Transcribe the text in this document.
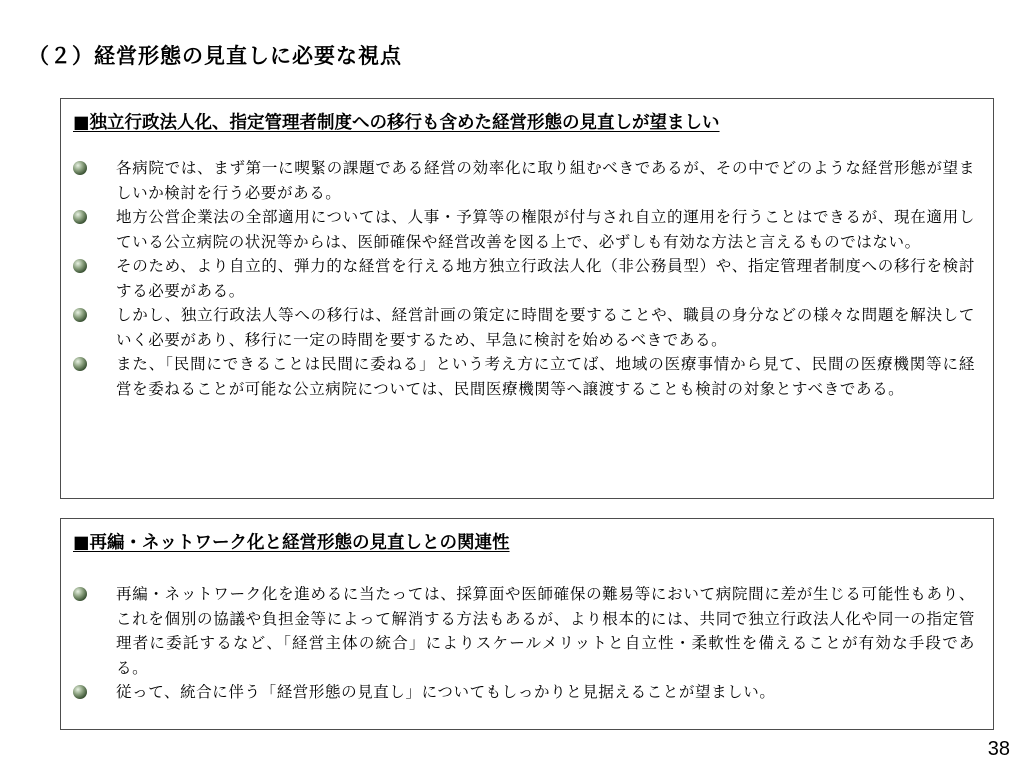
（２）経営形態の見直しに必要な視点
■独立行政法人化、指定管理者制度への移行も含めた経営形態の見直しが望ましい
各病院では、まず第一に喫緊の課題である経営の効率化に取り組むべきであるが、その中でどのような経営形態が望ましいか検討を行う必要がある。
地方公営企業法の全部適用については、人事・予算等の権限が付与され自立的運用を行うことはできるが、現在適用している公立病院の状況等からは、医師確保や経営改善を図る上で、必ずしも有効な方法と言えるものではない。
そのため、より自立的、弾力的な経営を行える地方独立行政法人化（非公務員型）や、指定管理者制度への移行を検討する必要がある。
しかし、独立行政法人等への移行は、経営計画の策定に時間を要することや、職員の身分などの様々な問題を解決していく必要があり、移行に一定の時間を要するため、早急に検討を始めるべきである。
また、「民間にできることは民間に委ねる」という考え方に立てば、地域の医療事情から見て、民間の医療機関等に経営を委ねることが可能な公立病院については、民間医療機関等へ譲渡することも検討の対象とすべきである。
■再編・ネットワーク化と経営形態の見直しとの関連性
再編・ネットワーク化を進めるに当たっては、採算面や医師確保の難易等において病院間に差が生じる可能性もあり、これを個別の協議や負担金等によって解消する方法もあるが、より根本的には、共同で独立行政法人化や同一の指定管理者に委託するなど、「経営主体の統合」によりスケールメリットと自立性・柔軟性を備えることが有効な手段である。
従って、統合に伴う「経営形態の見直し」についてもしっかりと見据えることが望ましい。
38
